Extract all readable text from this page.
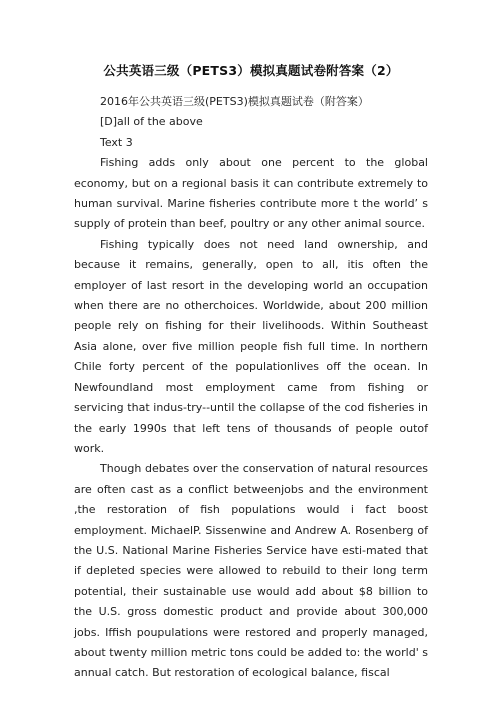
公共英语三级（PETS3）模拟真题试卷附答案（2）

2016年公共英语三级(PETS3)模拟真题试卷（附答案）

[D]all of the above

Text 3

Fishing adds only about one percent to the global economy, but on a regional basis it can contribute extremely to human survival. Marine fisheries contribute more t the world’ s supply of protein than beef, poultry or any other animal source.

Fishing typically does not need land ownership, and because it remains, generally, open to all, itis often the employer of last resort in the developing world an occupation when there are no otherchoices. Worldwide, about 200 million people rely on fishing for their livelihoods. Within Southeast Asia alone, over five million people fish full time. In northern Chile forty percent of the populationlives off the ocean. In Newfoundland most employment came from fishing or servicing that indus-try--until the collapse of the cod fisheries in the early 1990s that left tens of thousands of people outof work.

Though debates over the conservation of natural resources are often cast as a conflict betweenjobs and the environment ,the restoration of fish populations would i fact boost employment. MichaelP. Sissenwine and Andrew A. Rosenberg of the U.S. National Marine Fisheries Service have esti-mated that if depleted species were allowed to rebuild to their long term potential, their sustainable use would add about $8 billion to the U.S. gross domestic product and provide about 300,000 jobs. Iffish poupulations were restored and properly managed, about twenty million metric tons could be added to: the world' s annual catch. But restoration of ecological balance, fiscal
